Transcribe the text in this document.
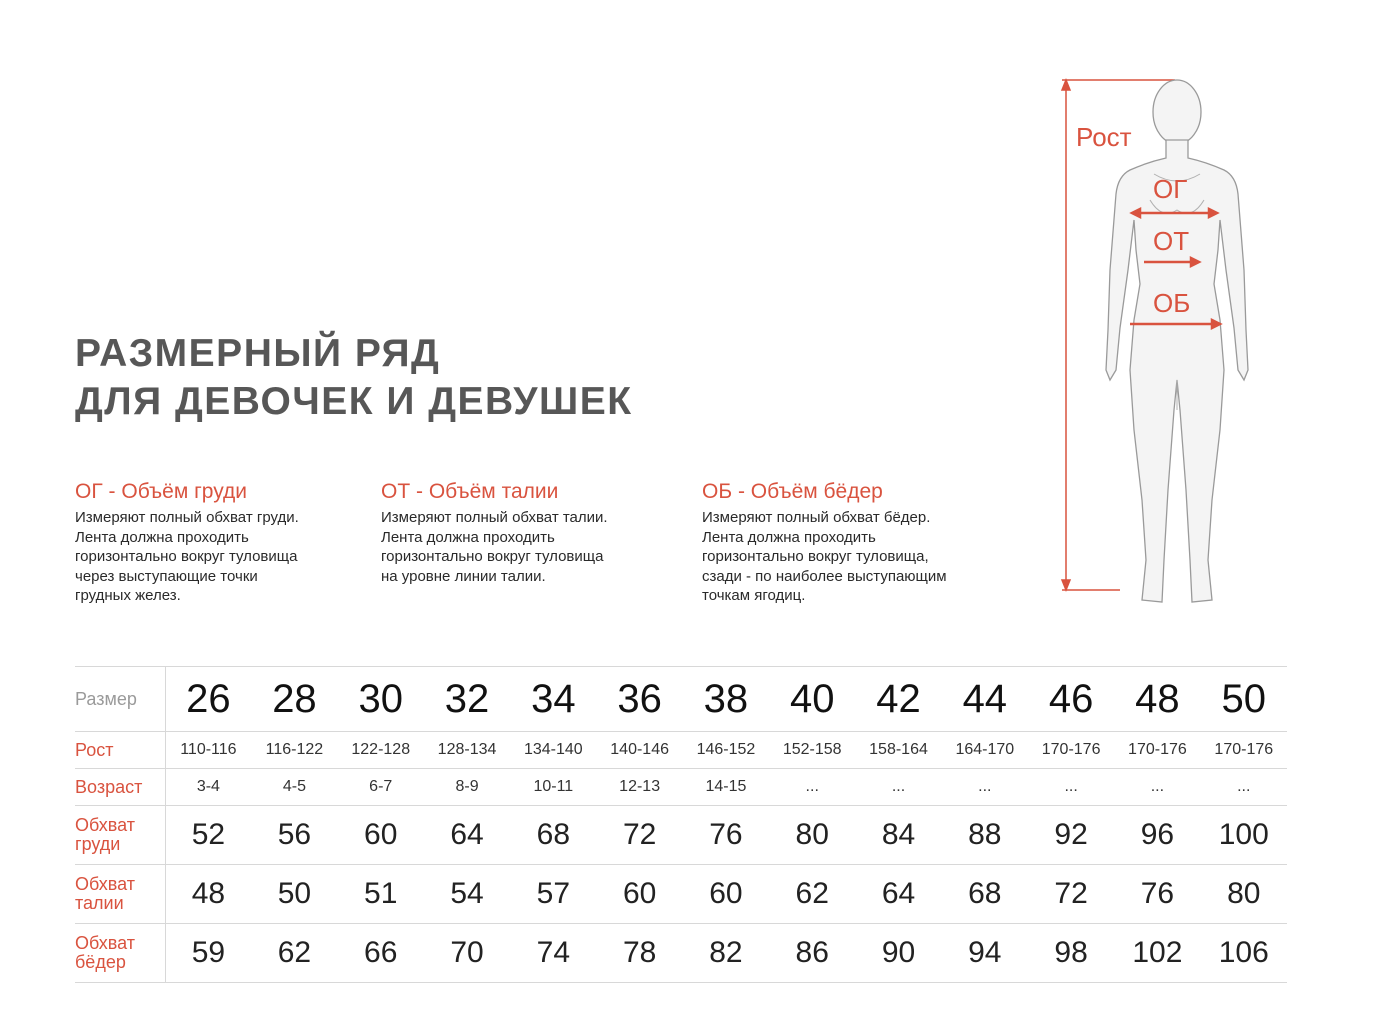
РАЗМЕРНЫЙ РЯД
ДЛЯ ДЕВОЧЕК И ДЕВУШЕК
ОГ - Объём груди

Измеряют полный обхват груди.
Лента должна проходить
горизонтально вокруг туловища
через выступающие точки
грудных желез.

ОТ - Объём талии

Измеряют полный обхват талии.
Лента должна проходить
горизонтально вокруг туловища
на уровне линии талии.

ОБ - Объём бёдер

Измеряют полный обхват бёдер.
Лента должна проходить
горизонтально вокруг туловища,
сзади - по наиболее выступающим
точкам ягодиц.

Рост
ОГ
ОТ
ОБ
Размер	26	28	30	32	34	36	38	40	42	44	46	48	50
Рост	110-116	116-122	122-128	128-134	134-140	140-146	146-152	152-158	158-164	164-170	170-176	170-176	170-176
Возраст	3-4	4-5	6-7	8-9	10-11	12-13	14-15	...	...	...	...	...	...

Обхват
груди	52	56	60	64	68	72	76	80	84	88	92	96	100

Обхват
талии	48	50	51	54	57	60	60	62	64	68	72	76	80

Обхват
бёдер	59	62	66	70	74	78	82	86	90	94	98	102	106
